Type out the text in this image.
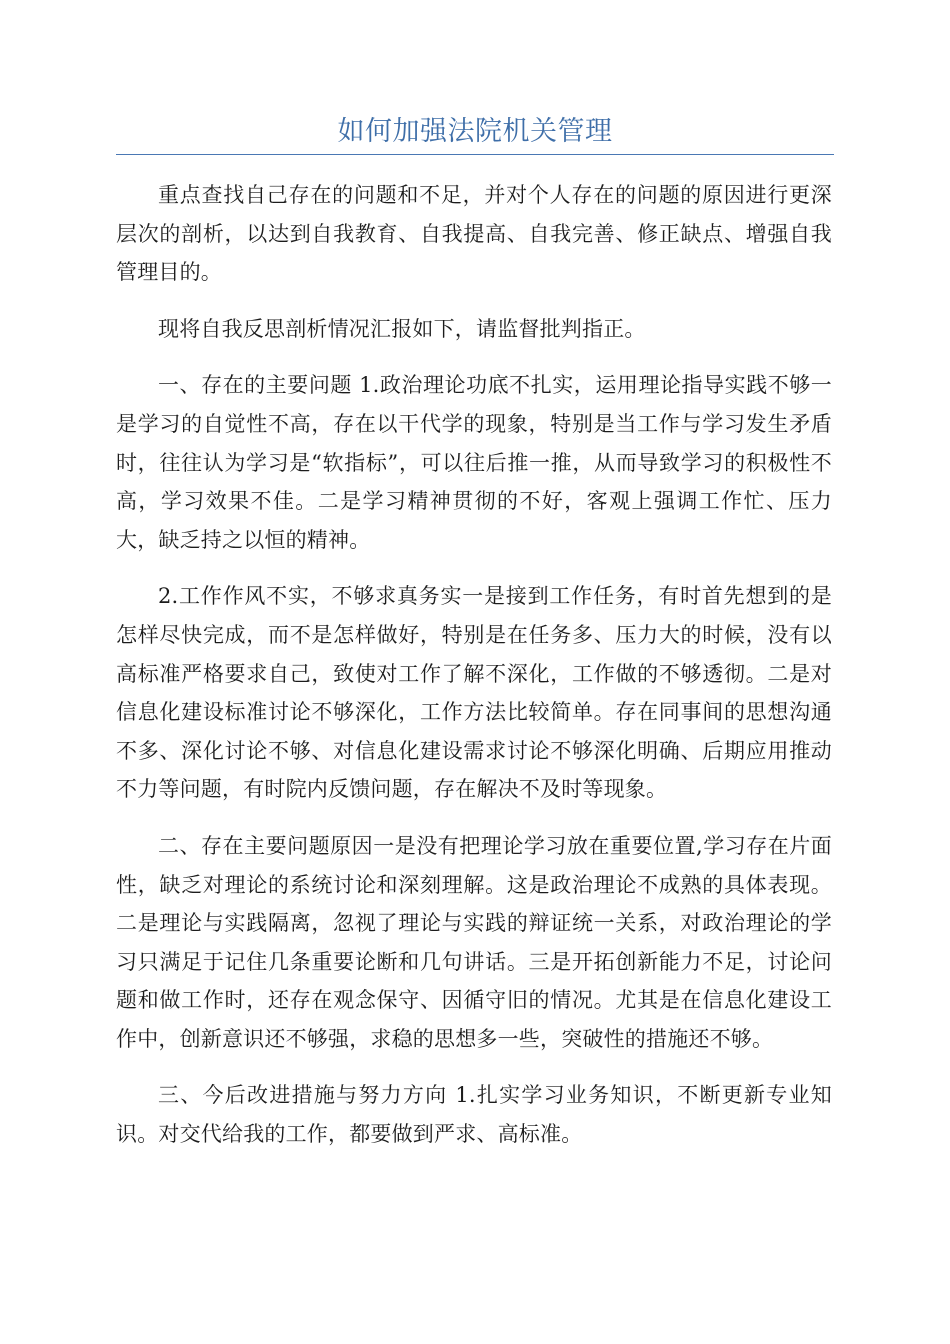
如何加强法院机关管理

重点查找自己存在的问题和不足，并对个人存在的问题的原因进行更深层次的剖析，以达到自我教育、自我提高、自我完善、修正缺点、增强自我管理目的。

现将自我反思剖析情况汇报如下，请监督批判指正。

一、存在的主要问题 1.政治理论功底不扎实，运用理论指导实践不够一是学习的自觉性不高，存在以干代学的现象，特别是当工作与学习发生矛盾时，往往认为学习是“软指标”，可以往后推一推，从而导致学习的积极性不高，学习效果不佳。二是学习精神贯彻的不好，客观上强调工作忙、压力大，缺乏持之以恒的精神。

2.工作作风不实，不够求真务实一是接到工作任务，有时首先想到的是怎样尽快完成，而不是怎样做好，特别是在任务多、压力大的时候，没有以高标准严格要求自己，致使对工作了解不深化，工作做的不够透彻。二是对信息化建设标准讨论不够深化，工作方法比较简单。存在同事间的思想沟通不多、深化讨论不够、对信息化建设需求讨论不够深化明确、后期应用推动不力等问题，有时院内反馈问题，存在解决不及时等现象。

二、存在主要问题原因一是没有把理论学习放在重要位置,学习存在片面性，缺乏对理论的系统讨论和深刻理解。这是政治理论不成熟的具体表现。二是理论与实践隔离，忽视了理论与实践的辩证统一关系，对政治理论的学习只满足于记住几条重要论断和几句讲话。三是开拓创新能力不足，讨论问题和做工作时，还存在观念保守、因循守旧的情况。尤其是在信息化建设工作中，创新意识还不够强，求稳的思想多一些，突破性的措施还不够。

三、今后改进措施与努力方向 1.扎实学习业务知识，不断更新专业知识。对交代给我的工作，都要做到严求、高标准。
